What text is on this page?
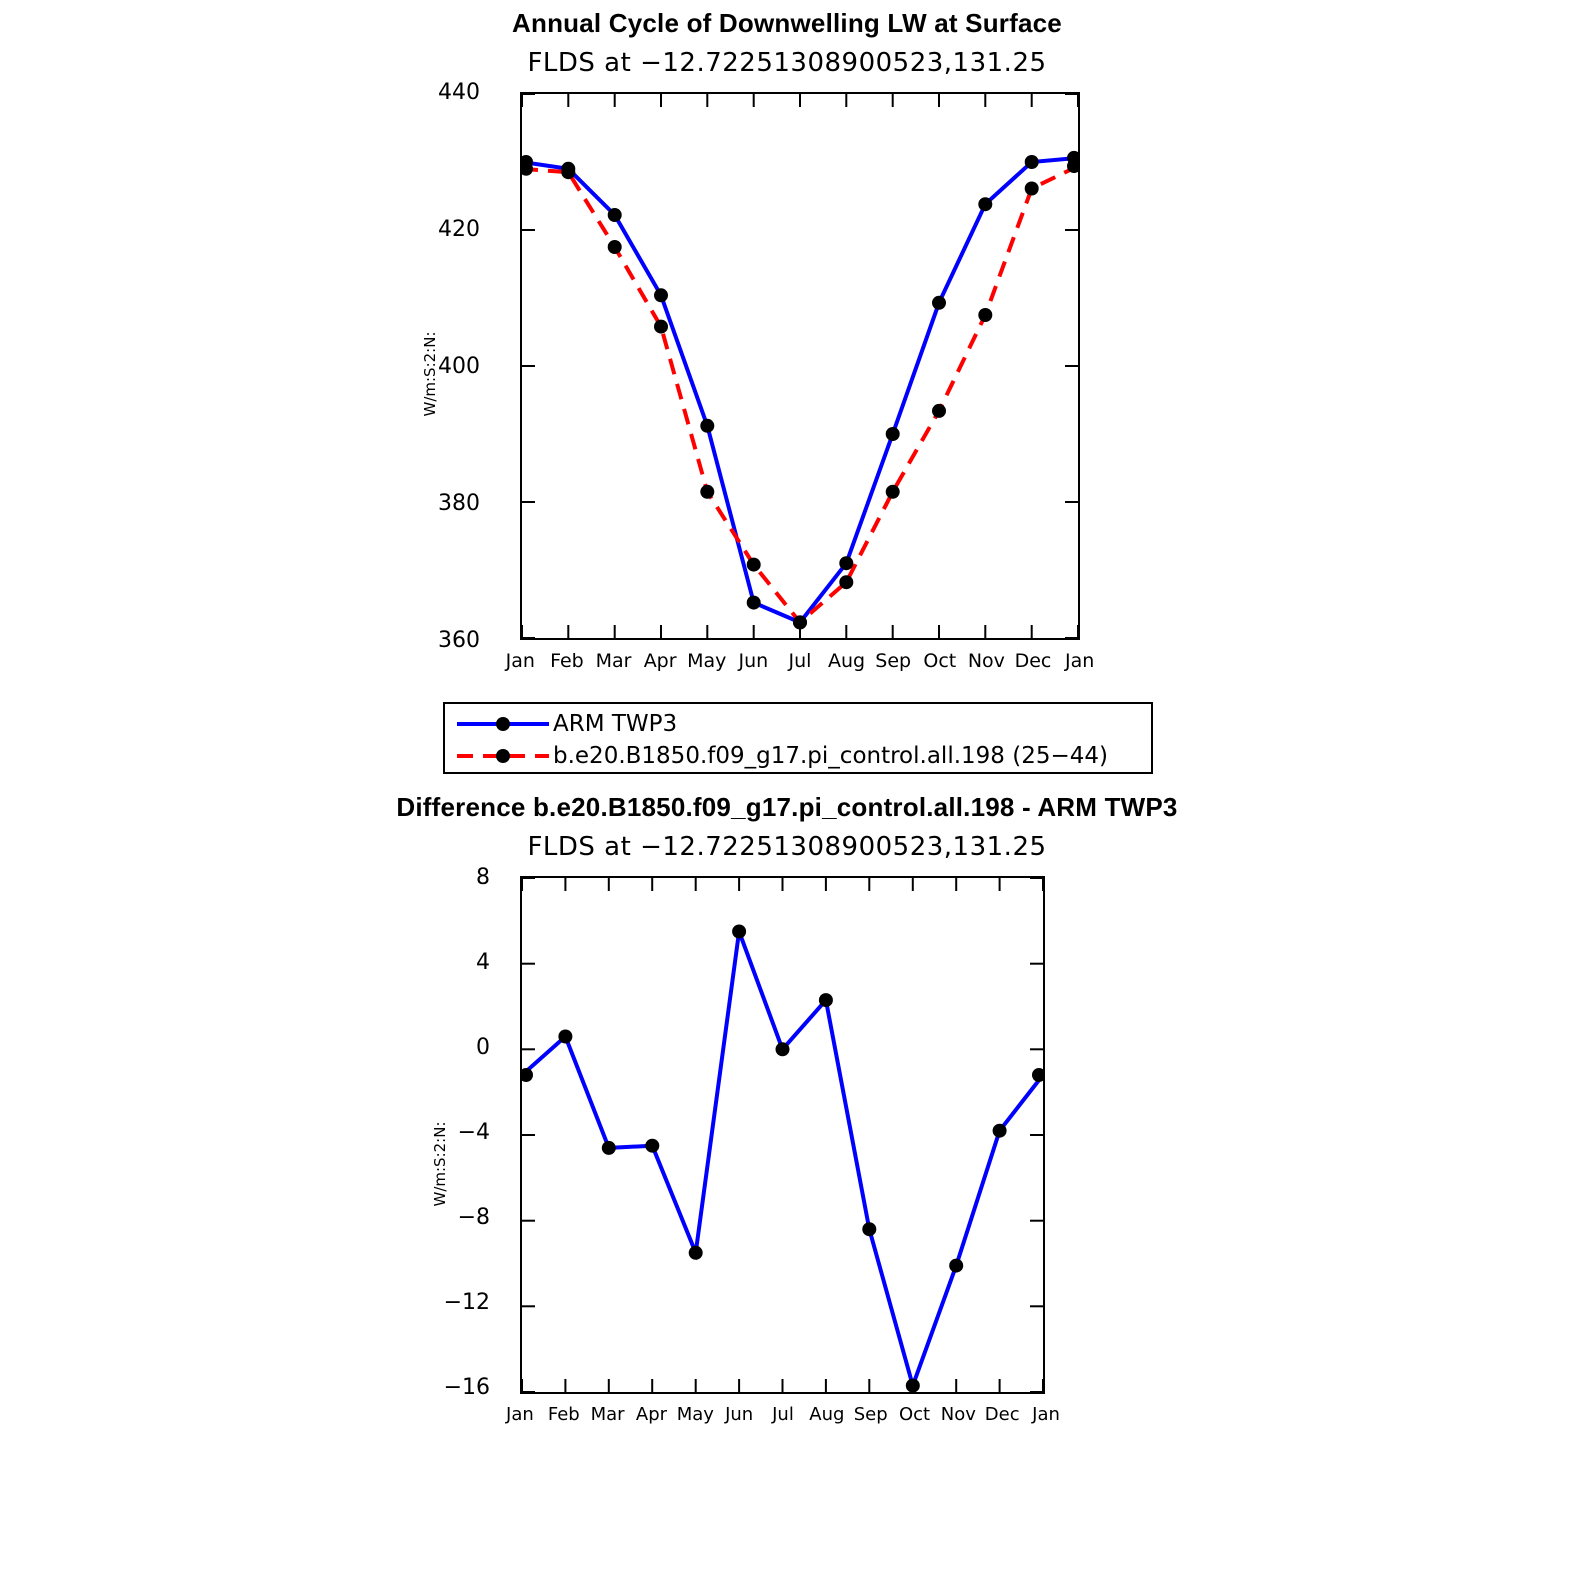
Annual Cycle of Downwelling LW at Surface
FLDS at −12.72251308900523,131.25
W/m:S:2:N:
440
420
400
380
360
Jan Feb Mar Apr May Jun	Jul Aug Sep Oct Nov Dec Jan
ARM TWP3
b.e20.B1850.f09_g17.pi_control.all.198 (25−44)
Difference b.e20.B1850.f09_g17.pi_control.all.198 - ARM TWP3
FLDS at −12.72251308900523,131.25
W/m:S:2:N:
8
4
0
−4
−8
−12
−16
Jan Feb Mar Apr May Jun	Jul Aug Sep Oct Nov Dec Jan
